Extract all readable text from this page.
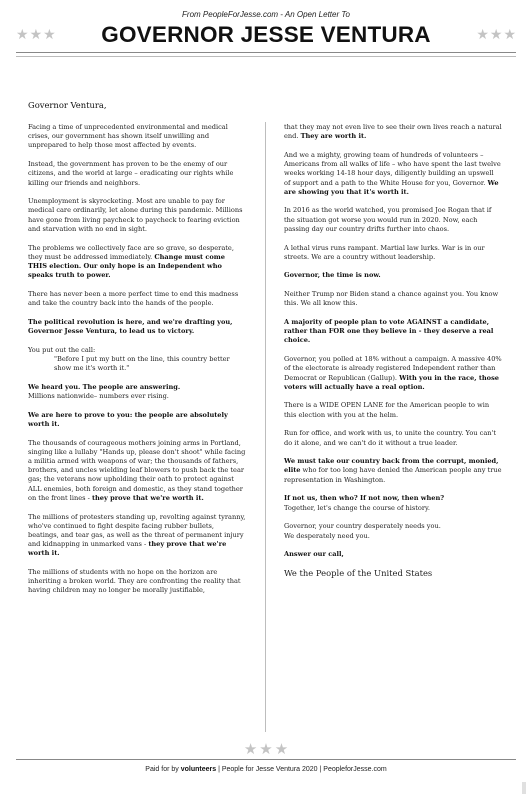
From PeopleForJesse.com - An Open Letter To
★ ★ ★	GOVERNOR JESSE VENTURA	★ ★ ★
Governor Ventura,

Facing a time of unprecedented environmental and medical crises, our government has shown itself unwilling and unprepared to help those most affected by events.

Instead, the government has proven to be the enemy of our citizens, and the world at large – eradicating our rights while killing our friends and neighbors.

Unemployment is skyrocketing. Most are unable to pay for medical care ordinarily, let alone during this pandemic. Millions have gone from living paycheck to paycheck to fearing eviction and starvation with no end in sight.

The problems we collectively face are so grave, so desperate, they must be addressed immediately. Change must come THIS election. Our only hope is an Independent who speaks truth to power.

There has never been a more perfect time to end this madness and take the country back into the hands of the people.

The political revolution is here, and we're drafting you, Governor Jesse Ventura, to lead us to victory.

You put out the call:
"Before I put my butt on the line, this country better show me it's worth it."

We heard you. The people are answering.
Millions nationwide– numbers ever rising.

We are here to prove to you: the people are absolutely worth it.

The thousands of courageous mothers joining arms in Portland, singing like a lullaby "Hands up, please don't shoot" while facing a militia armed with weapons of war; the thousands of fathers, brothers, and uncles wielding leaf blowers to push back the tear gas; the veterans now upholding their oath to protect against ALL enemies, both foreign and domestic, as they stand together on the front lines - they prove that we're worth it.

The millions of protesters standing up, revolting against tyranny, who've continued to fight despite facing rubber bullets, beatings, and tear gas, as well as the threat of permanent injury and kidnapping in unmarked vans - they prove that we're worth it.

The millions of students with no hope on the horizon are inheriting a broken world. They are confronting the reality that having children may no longer be morally justifiable,

that they may not even live to see their own lives reach a natural end. They are worth it.

And we a mighty, growing team of hundreds of volunteers – Americans from all walks of life – who have spent the last twelve weeks working 14-18 hour days, diligently building an upswell of support and a path to the White House for you, Governor. We are showing you that it's worth it.

In 2016 as the world watched, you promised Joe Rogan that if the situation got worse you would run in 2020. Now, each passing day our country drifts further into chaos.

A lethal virus runs rampant. Martial law lurks. War is in our streets. We are a country without leadership.

Governor, the time is now.

Neither Trump nor Biden stand a chance against you. You know this. We all know this.

A majority of people plan to vote AGAINST a candidate, rather than FOR one they believe in - they deserve a real choice.

Governor, you polled at 18% without a campaign. A massive 40% of the electorate is already registered Independent rather than Democrat or Republican (Gallup). With you in the race, those voters will actually have a real option.

There is a WIDE OPEN LANE for the American people to win this election with you at the helm.

Run for office, and work with us, to unite the country. You can't do it alone, and we can't do it without a true leader.

We must take our country back from the corrupt, monied, elite who for too long have denied the American people any true representation in Washington.

If not us, then who? If not now, then when?
Together, let's change the course of history.

Governor, your country desperately needs you.
We desperately need you.

Answer our call,

We the People of the United States

★ ★ ★
Paid for by volunteers | People for Jesse Ventura 2020 | PeopleforJesse.com
